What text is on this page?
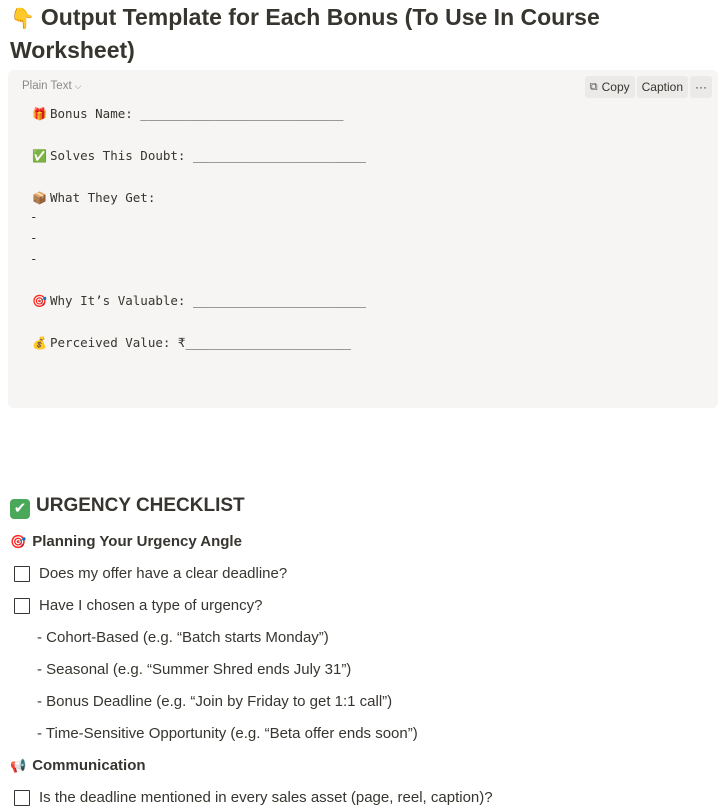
👇 Output Template for Each Bonus (To Use In Course Worksheet)
Plain Text ⌵	⧉ Copy Caption ···
🎁 Bonus Name: ___________________________
✅ Solves This Doubt: _______________________
📦 What They Get:
-
-
-
🎯 Why It’s Valuable: _______________________
💰 Perceived Value: ₹______________________
✔ URGENCY CHECKLIST
🎯 Planning Your Urgency Angle
Does my offer have a clear deadline?
Have I chosen a type of urgency?
- Cohort-Based (e.g. “Batch starts Monday”)
- Seasonal (e.g. “Summer Shred ends July 31”)
- Bonus Deadline (e.g. “Join by Friday to get 1:1 call”)
- Time-Sensitive Opportunity (e.g. “Beta offer ends soon”)
📢 Communication
Is the deadline mentioned in every sales asset (page, reel, caption)?
